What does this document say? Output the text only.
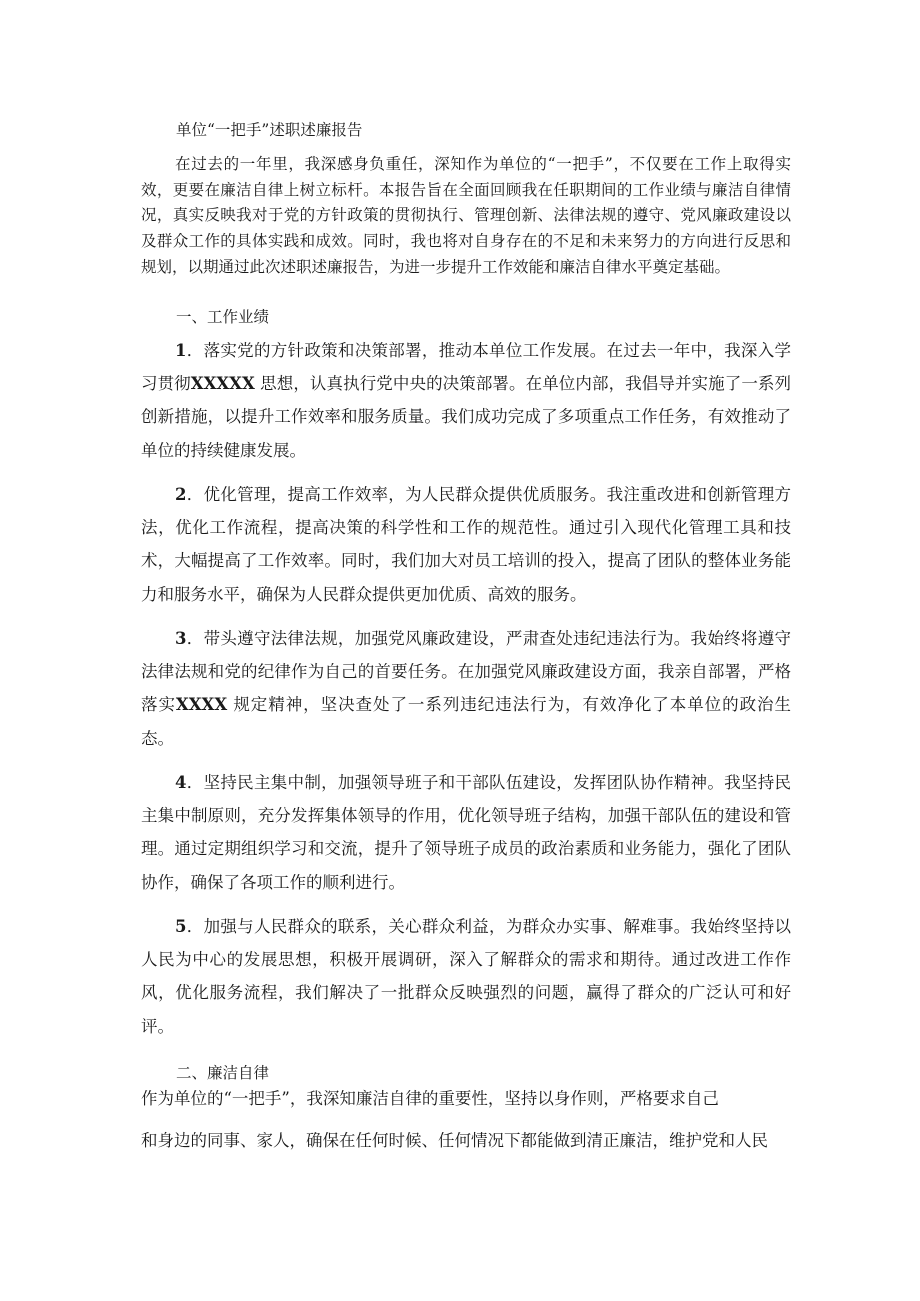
单位“一把手”述职述廉报告

在过去的一年里，我深感身负重任，深知作为单位的“一把手”，不仅要在工作上取得实效，更要在廉洁自律上树立标杆。本报告旨在全面回顾我在任职期间的工作业绩与廉洁自律情况，真实反映我对于党的方针政策的贯彻执行、管理创新、法律法规的遵守、党风廉政建设以及群众工作的具体实践和成效。同时，我也将对自身存在的不足和未来努力的方向进行反思和规划，以期通过此次述职述廉报告，为进一步提升工作效能和廉洁自律水平奠定基础。

一、工作业绩

1．落实党的方针政策和决策部署，推动本单位工作发展。在过去一年中，我深入学习贯彻XXXXX 思想，认真执行党中央的决策部署。在单位内部，我倡导并实施了一系列创新措施，以提升工作效率和服务质量。我们成功完成了多项重点工作任务，有效推动了单位的持续健康发展。

2．优化管理，提高工作效率，为人民群众提供优质服务。我注重改进和创新管理方法，优化工作流程，提高决策的科学性和工作的规范性。通过引入现代化管理工具和技术，大幅提高了工作效率。同时，我们加大对员工培训的投入，提高了团队的整体业务能力和服务水平，确保为人民群众提供更加优质、高效的服务。

3．带头遵守法律法规，加强党风廉政建设，严肃查处违纪违法行为。我始终将遵守法律法规和党的纪律作为自己的首要任务。在加强党风廉政建设方面，我亲自部署，严格落实XXXX 规定精神，坚决查处了一系列违纪违法行为，有效净化了本单位的政治生态。

4．坚持民主集中制，加强领导班子和干部队伍建设，发挥团队协作精神。我坚持民主集中制原则，充分发挥集体领导的作用，优化领导班子结构，加强干部队伍的建设和管理。通过定期组织学习和交流，提升了领导班子成员的政治素质和业务能力，强化了团队协作，确保了各项工作的顺利进行。

5．加强与人民群众的联系，关心群众利益，为群众办实事、解难事。我始终坚持以人民为中心的发展思想，积极开展调研，深入了解群众的需求和期待。通过改进工作作风，优化服务流程，我们解决了一批群众反映强烈的问题，赢得了群众的广泛认可和好评。

二、廉洁自律

作为单位的“一把手”，我深知廉洁自律的重要性，坚持以身作则，严格要求自己

和身边的同事、家人，确保在任何时候、任何情况下都能做到清正廉洁，维护党和人民
